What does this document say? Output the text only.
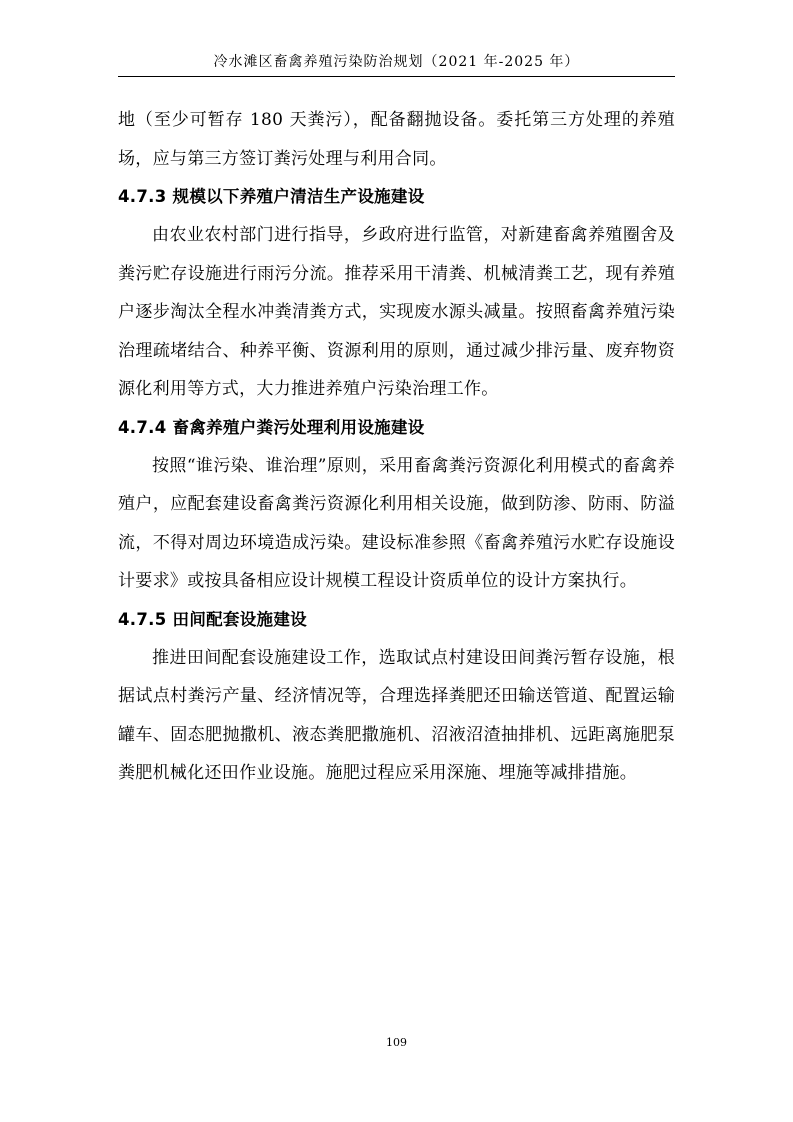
冷水滩区畜禽养殖污染防治规划（2021 年-2025 年）

地（至少可暂存 180 天粪污），配备翻抛设备。委托第三方处理的养殖场，应与第三方签订粪污处理与利用合同。

4.7.3 规模以下养殖户清洁生产设施建设

由农业农村部门进行指导，乡政府进行监管，对新建畜禽养殖圈舍及粪污贮存设施进行雨污分流。推荐采用干清粪、机械清粪工艺，现有养殖户逐步淘汰全程水冲粪清粪方式，实现废水源头减量。按照畜禽养殖污染治理疏堵结合、种养平衡、资源利用的原则，通过减少排污量、废弃物资源化利用等方式，大力推进养殖户污染治理工作。

4.7.4 畜禽养殖户粪污处理利用设施建设

按照“谁污染、谁治理”原则，采用畜禽粪污资源化利用模式的畜禽养殖户，应配套建设畜禽粪污资源化利用相关设施，做到防渗、防雨、防溢流，不得对周边环境造成污染。建设标准参照《畜禽养殖污水贮存设施设计要求》或按具备相应设计规模工程设计资质单位的设计方案执行。

4.7.5 田间配套设施建设

推进田间配套设施建设工作，选取试点村建设田间粪污暂存设施，根据试点村粪污产量、经济情况等，合理选择粪肥还田输送管道、配置运输罐车、固态肥抛撒机、液态粪肥撒施机、沼液沼渣抽排机、远距离施肥泵粪肥机械化还田作业设施。施肥过程应采用深施、埋施等减排措施。

109
